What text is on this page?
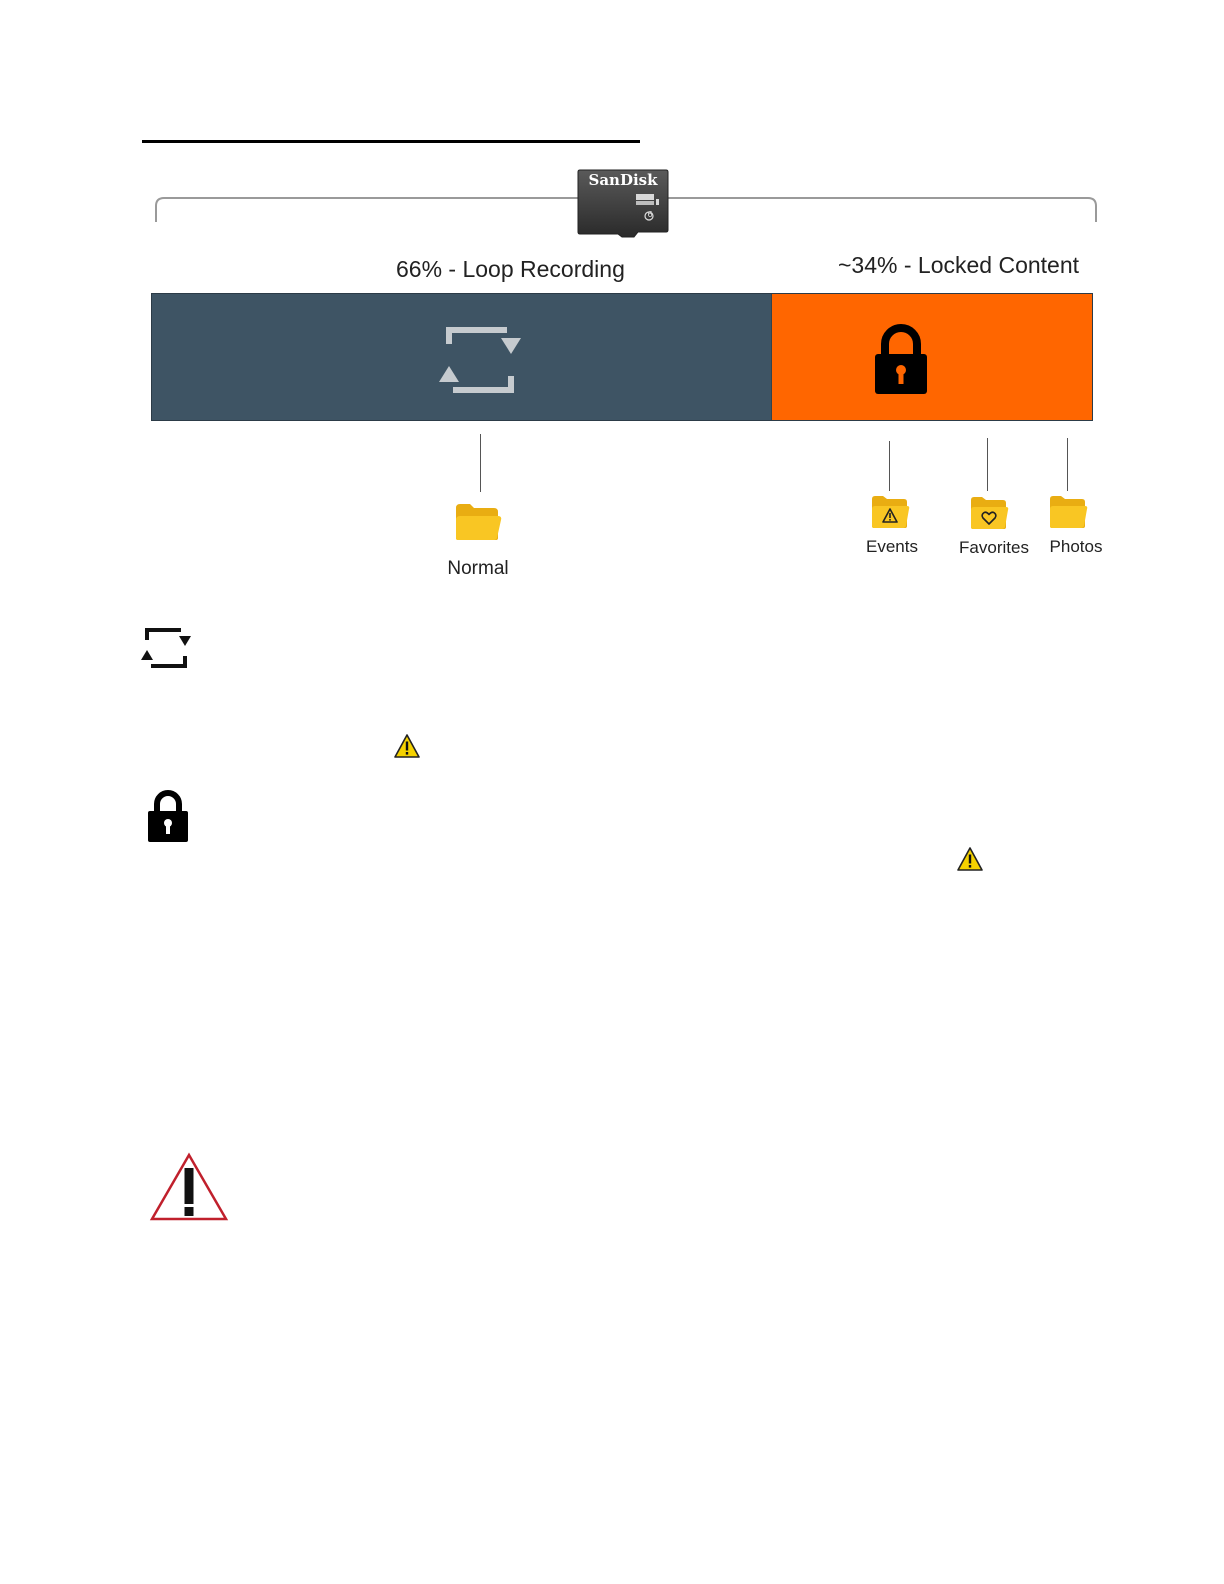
SanDisk
6
66% - Loop Recording	~34% - Locked Content
Normal
Events	Favorites	Photos
